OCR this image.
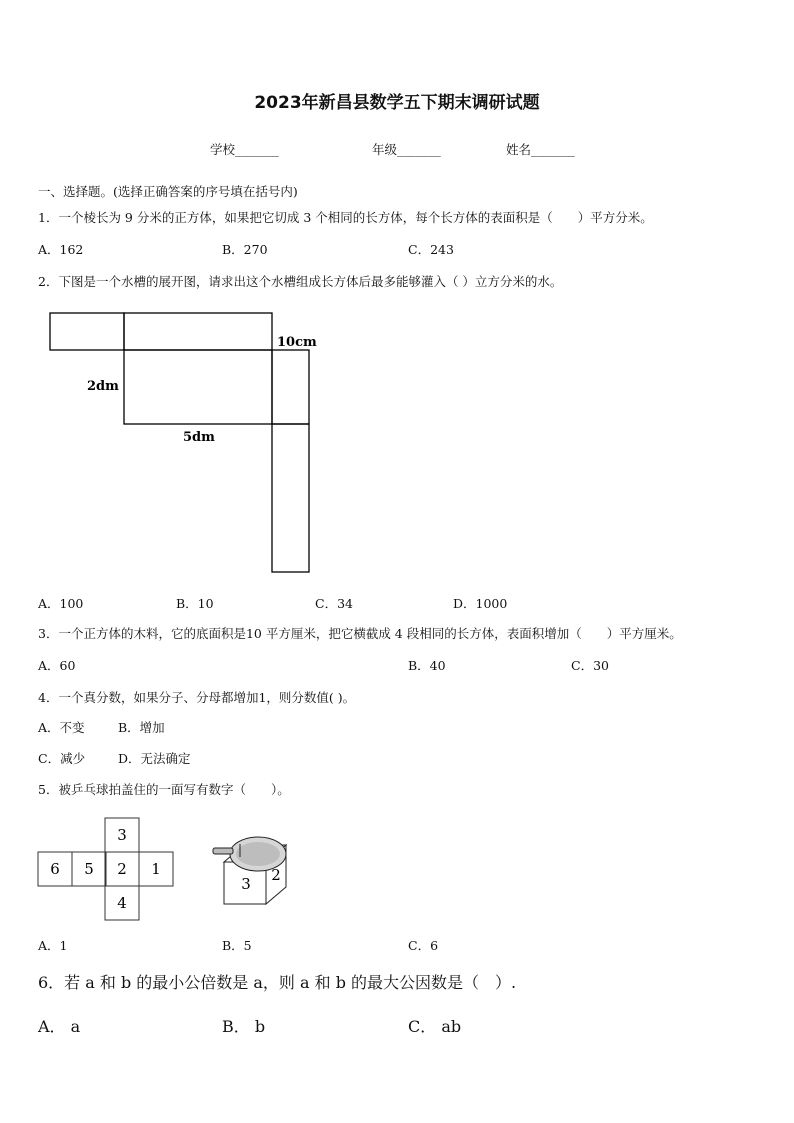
2023年新昌县数学五下期末调研试题
学校_______	年级_______	姓名_______
一、选择题。(选择正确答案的序号填在括号内)
1．一个棱长为 9 分米的正方体，如果把它切成 3 个相同的长方体，每个长方体的表面积是（　　）平方分米。
A．162	B．270	C．243
2．下图是一个水槽的展开图，请求出这个水槽组成长方体后最多能够灌入（ ）立方分米的水。
10cm
2dm
5dm
A．100	B．10	C．34	D．1000
3．一个正方体的木料，它的底面积是10 平方厘米，把它横截成 4 段相同的长方体，表面积增加（　　）平方厘米。
A．60	B．40	C．30
4．一个真分数，如果分子、分母都增加1，则分数值( )。
A．不变	B．增加
C．减少	D．无法确定
5．被乒乓球拍盖住的一面写有数字（　　）。
3
6 5 2 1
4
3 2
A．1	B．5	C．6
6．若 a 和 b 的最小公倍数是 a，则 a 和 b 的最大公因数是（　）.
A． a	B． b	C． ab
